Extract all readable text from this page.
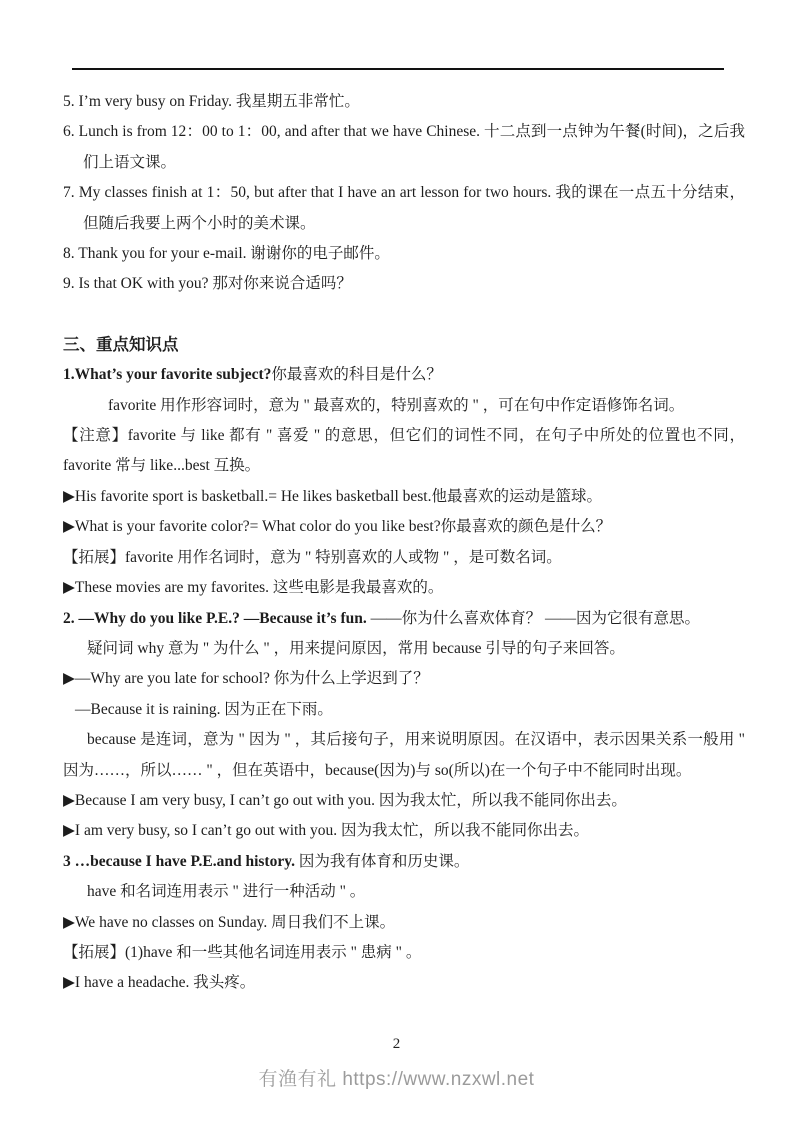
5. I’m very busy on Friday. 我星期五非常忙。

6. Lunch is from 12：00 to 1：00, and after that we have Chinese. 十二点到一点钟为午餐(时间)，之后我们上语文课。

7. My classes finish at 1：50, but after that I have an art lesson for two hours. 我的课在一点五十分结束，但随后我要上两个小时的美术课。

8. Thank you for your e-mail. 谢谢你的电子邮件。

9. Is that OK with you? 那对你来说合适吗？

三、重点知识点

1.What’s your favorite subject?你最喜欢的科目是什么？

favorite 用作形容词时，意为 " 最喜欢的，特别喜欢的 " ，可在句中作定语修饰名词。

【注意】favorite 与 like 都有 " 喜爱 " 的意思，但它们的词性不同，在句子中所处的位置也不同，favorite 常与 like...best 互换。

▶His favorite sport is basketball.= He likes basketball best.他最喜欢的运动是篮球。

▶What is your favorite color?= What color do you like best?你最喜欢的颜色是什么？

【拓展】favorite 用作名词时，意为 " 特别喜欢的人或物 " ，是可数名词。

▶These movies are my favorites. 这些电影是我最喜欢的。

2. —Why do you like P.E.? —Because it’s fun. ——你为什么喜欢体育？ ——因为它很有意思。

疑问词 why 意为 " 为什么 " ，用来提问原因，常用 because 引导的句子来回答。

▶—Why are you late for school? 你为什么上学迟到了？

—Because it is raining. 因为正在下雨。

because 是连词，意为 " 因为 " ，其后接句子，用来说明原因。在汉语中，表示因果关系一般用 " 因为……，所以…… " ，但在英语中，because(因为)与 so(所以)在一个句子中不能同时出现。

▶Because I am very busy, I can’t go out with you. 因为我太忙，所以我不能同你出去。

▶I am very busy, so I can’t go out with you. 因为我太忙，所以我不能同你出去。

3 …because I have P.E.and history. 因为我有体育和历史课。

have 和名词连用表示 " 进行一种活动 " 。

▶We have no classes on Sunday. 周日我们不上课。

【拓展】(1)have 和一些其他名词连用表示 " 患病 " 。

▶I have a headache. 我头疼。

2
有渔有礼 https://www.nzxwl.net
